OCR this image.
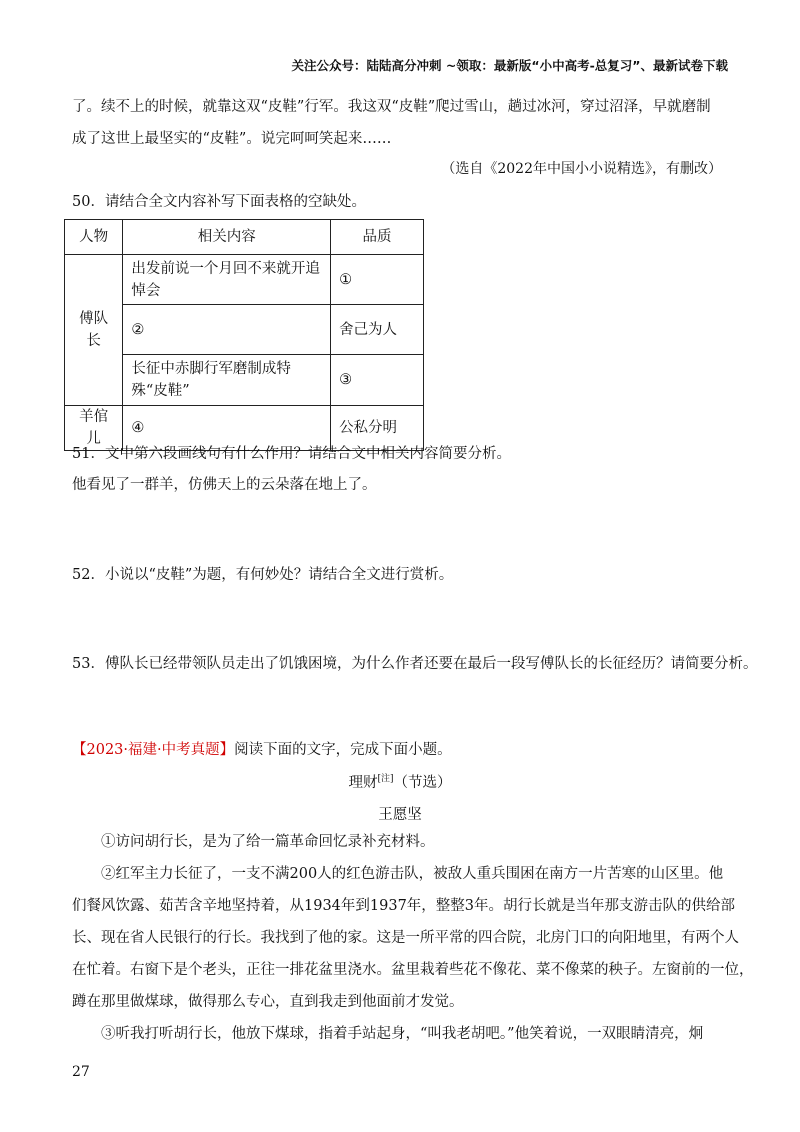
关注公众号：陆陆高分冲刺 ~领取：最新版“小中高考-总复习”、最新试卷下载
了。续不上的时候，就靠这双“皮鞋”行军。我这双“皮鞋”爬过雪山，趟过冰河，穿过沼泽，早就磨制
成了这世上最坚实的“皮鞋”。说完呵呵笑起来……
（选自《2022年中国小小说精选》，有删改）
50．请结合全文内容补写下面表格的空缺处。
人物	相关内容	品质
傅队长	出发前说一个月回不来就开追悼会	①
	②	舍己为人
	长征中赤脚行军磨制成特殊“皮鞋”	③
羊倌儿	④	公私分明
51．文中第六段画线句有什么作用？请结合文中相关内容简要分析。
他看见了一群羊，仿佛天上的云朵落在地上了。
52．小说以“皮鞋”为题，有何妙处？请结合全文进行赏析。
53．傅队长已经带领队员走出了饥饿困境，为什么作者还要在最后一段写傅队长的长征经历？请简要分析。
【2023·福建·中考真题】阅读下面的文字，完成下面小题。
理财[注]（节选）
王愿坚
①访问胡行长，是为了给一篇革命回忆录补充材料。
②红军主力长征了，一支不满200人的红色游击队，被敌人重兵围困在南方一片苦寒的山区里。他
们餐风饮露、茹苦含辛地坚持着，从1934年到1937年，整整3年。胡行长就是当年那支游击队的供给部
长、现在省人民银行的行长。我找到了他的家。这是一所平常的四合院，北房门口的向阳地里，有两个人
在忙着。右窗下是个老头，正往一排花盆里浇水。盆里栽着些花不像花、菜不像菜的秧子。左窗前的一位，
蹲在那里做煤球，做得那么专心，直到我走到他面前才发觉。
③听我打听胡行长，他放下煤球，指着手站起身，“叫我老胡吧。”他笑着说，一双眼睛清亮，炯
27
